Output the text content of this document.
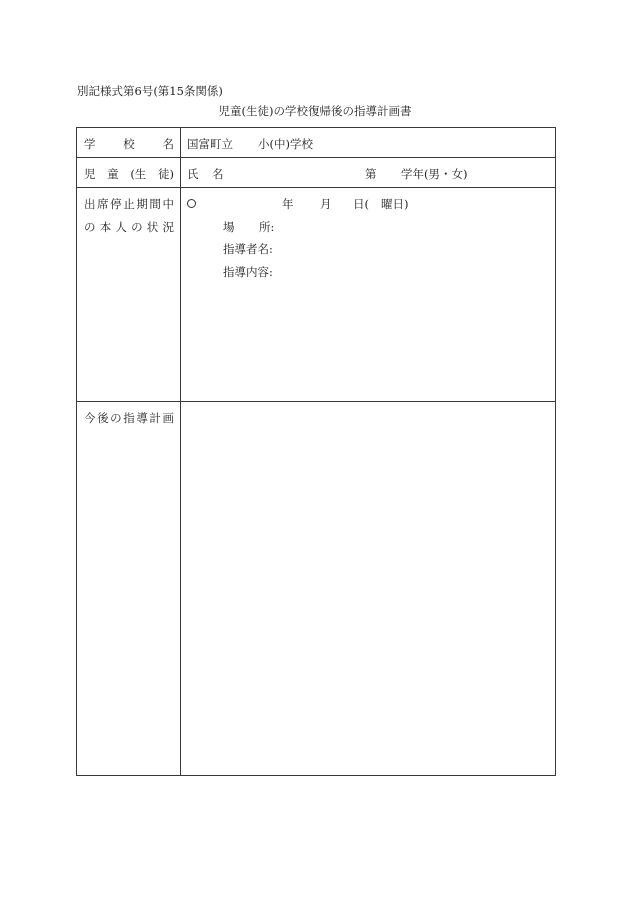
別記様式第6号(第15条関係)
児童(生徒)の学校復帰後の指導計画書
学 校 名 国富町立 小(中)学校
児 童 (生 徒) 氏 名	第 学年(男・女)
出 席 停 止 期 間 中
の 本 人 の 状 況
年 月 日( 曜日)
場 所:
指導者名:
指導内容:
今 後 の 指 導 計 画
